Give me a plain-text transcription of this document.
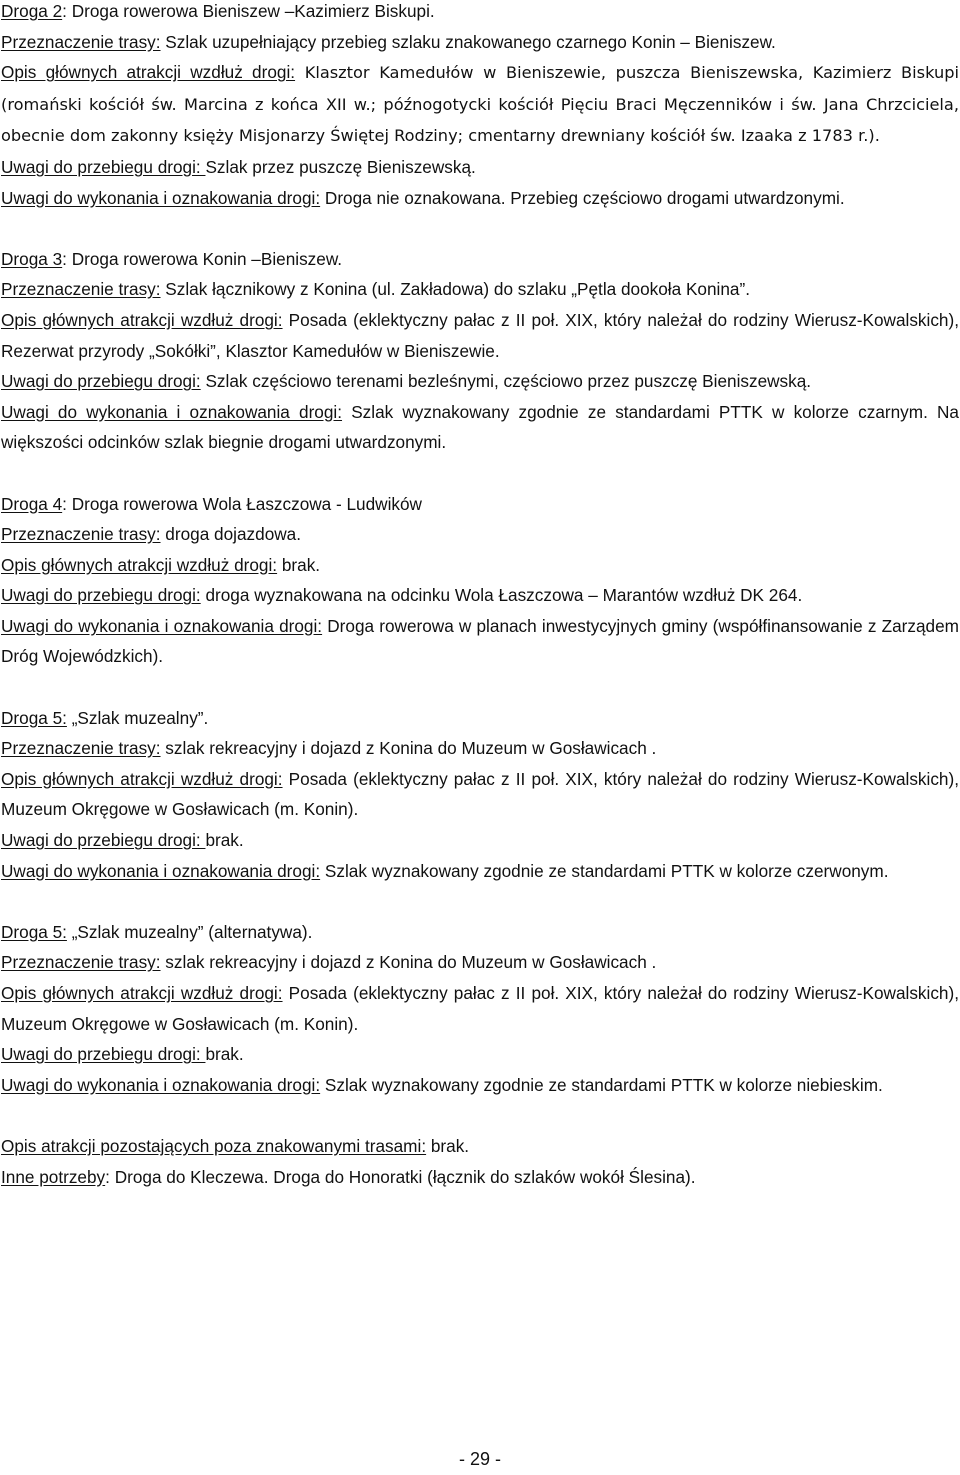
Droga 2: Droga rowerowa Bieniszew –Kazimierz Biskupi.

Przeznaczenie trasy: Szlak uzupełniający przebieg szlaku znakowanego czarnego Konin – Bieniszew.

Opis głównych atrakcji wzdłuż drogi: Klasztor Kamedułów w Bieniszewie, puszcza Bieniszewska, Kazimierz Biskupi (romański kościół św. Marcina z końca XII w.; późnogotycki kościół Pięciu Braci Męczenników i św. Jana Chrzciciela, obecnie dom zakonny księży Misjonarzy Świętej Rodziny; cmentarny drewniany kościół św. Izaaka z 1783 r.).

Uwagi do przebiegu drogi: Szlak przez puszczę Bieniszewską.

Uwagi do wykonania i oznakowania drogi: Droga nie oznakowana. Przebieg częściowo drogami utwardzonymi.

Droga 3: Droga rowerowa Konin –Bieniszew.

Przeznaczenie trasy: Szlak łącznikowy z Konina (ul. Zakładowa) do szlaku „Pętla dookoła Konina”.

Opis głównych atrakcji wzdłuż drogi: Posada (eklektyczny pałac z II poł. XIX, który należał do rodziny Wierusz-Kowalskich), Rezerwat przyrody „Sokółki”, Klasztor Kamedułów w Bieniszewie.

Uwagi do przebiegu drogi: Szlak częściowo terenami bezleśnymi, częściowo przez puszczę Bieniszewską.

Uwagi do wykonania i oznakowania drogi: Szlak wyznakowany zgodnie ze standardami PTTK w kolorze czarnym. Na większości odcinków szlak biegnie drogami utwardzonymi.

Droga 4: Droga rowerowa Wola Łaszczowa - Ludwików

Przeznaczenie trasy: droga dojazdowa.

Opis głównych atrakcji wzdłuż drogi: brak.

Uwagi do przebiegu drogi: droga wyznakowana na odcinku Wola Łaszczowa – Marantów wzdłuż DK 264.

Uwagi do wykonania i oznakowania drogi: Droga rowerowa w planach inwestycyjnych gminy (współfinansowanie z Zarządem Dróg Wojewódzkich).

Droga 5: „Szlak muzealny”.

Przeznaczenie trasy: szlak rekreacyjny i dojazd z Konina do Muzeum w Gosławicach .

Opis głównych atrakcji wzdłuż drogi: Posada (eklektyczny pałac z II poł. XIX, który należał do rodziny Wierusz-Kowalskich), Muzeum Okręgowe w Gosławicach (m. Konin).

Uwagi do przebiegu drogi: brak.

Uwagi do wykonania i oznakowania drogi: Szlak wyznakowany zgodnie ze standardami PTTK w kolorze czerwonym.

Droga 5: „Szlak muzealny” (alternatywa).

Przeznaczenie trasy: szlak rekreacyjny i dojazd z Konina do Muzeum w Gosławicach .

Opis głównych atrakcji wzdłuż drogi: Posada (eklektyczny pałac z II poł. XIX, który należał do rodziny Wierusz-Kowalskich), Muzeum Okręgowe w Gosławicach (m. Konin).

Uwagi do przebiegu drogi: brak.

Uwagi do wykonania i oznakowania drogi: Szlak wyznakowany zgodnie ze standardami PTTK w kolorze niebieskim.

Opis atrakcji pozostających poza znakowanymi trasami: brak.

Inne potrzeby: Droga do Kleczewa. Droga do Honoratki (łącznik do szlaków wokół Ślesina).

- 29 -
